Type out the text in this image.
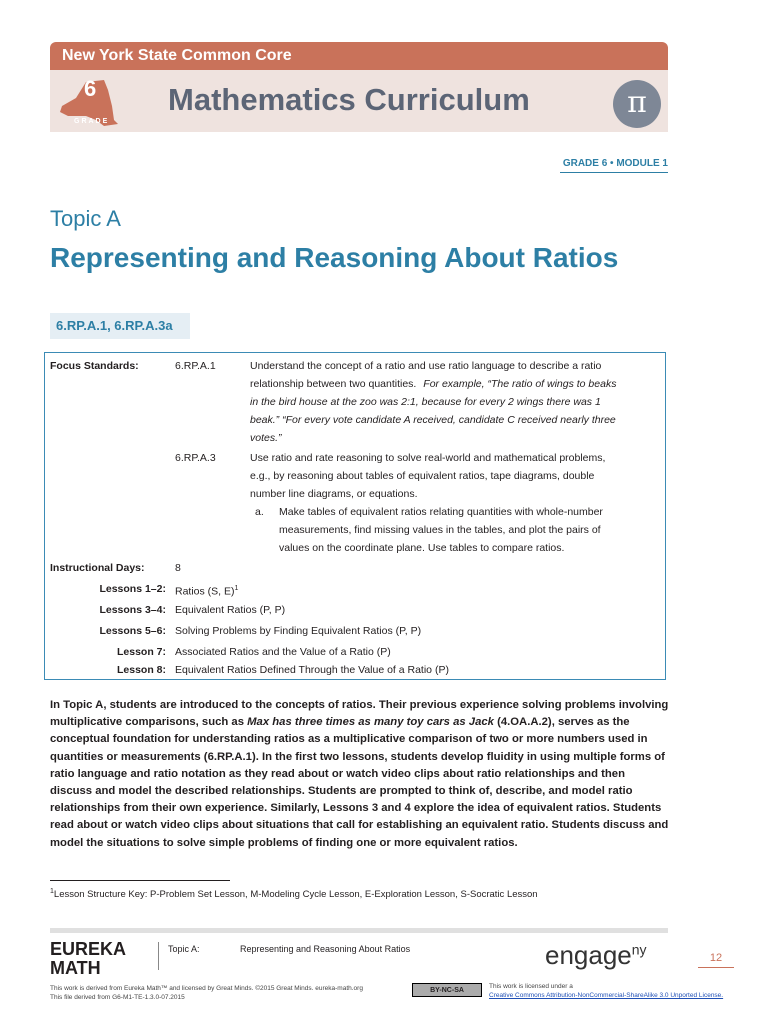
New York State Common Core
6
GRADE
Mathematics Curriculum	π
GRADE 6 • MODULE 1
Topic A
Representing and Reasoning About Ratios
6.RP.A.1, 6.RP.A.3a
Focus Standards:	6.RP.A.1	Understand the concept of a ratio and use ratio language to describe a ratio
relationship between two quantities. For example, “The ratio of wings to beaks
in the bird house at the zoo was 2:1, because for every 2 wings there was 1
beak.” “For every vote candidate A received, candidate C received nearly three
votes.”
6.RP.A.3	Use ratio and rate reasoning to solve real-world and mathematical problems,
e.g., by reasoning about tables of equivalent ratios, tape diagrams, double
number line diagrams, or equations.
a. Make tables of equivalent ratios relating quantities with whole-number
measurements, find missing values in the tables, and plot the pairs of
values on the coordinate plane. Use tables to compare ratios.
Instructional Days:	8
Lessons 1–2: Ratios (S, E)$^1$
Lessons 3–4: Equivalent Ratios (P, P)
Lessons 5–6: Solving Problems by Finding Equivalent Ratios (P, P)
Lesson 7: Associated Ratios and the Value of a Ratio (P)
Lesson 8: Equivalent Ratios Defined Through the Value of a Ratio (P)
In Topic A, students are introduced to the concepts of ratios. Their previous experience solving problems involving multiplicative comparisons, such as Max has three times as many toy cars as Jack (4.OA.A.2), serves as the conceptual foundation for understanding ratios as a multiplicative comparison of two or more numbers used in quantities or measurements (6.RP.A.1). In the first two lessons, students develop fluidity in using multiple forms of ratio language and ratio notation as they read about or watch video clips about ratio relationships and then discuss and model the described relationships. Students are prompted to think of, describe, and model ratio relationships from their own experience. Similarly, Lessons 3 and 4 explore the idea of equivalent ratios. Students read about or watch video clips about situations that call for establishing an equivalent ratio. Students discuss and model the situations to solve simple problems of finding one or more equivalent ratios.
$^1$Lesson Structure Key: P-Problem Set Lesson, M-Modeling Cycle Lesson, E-Exploration Lesson, S-Socratic Lesson
EUREKA
MATH
Topic A:	Representing and Reasoning About Ratios	engage$^{ny}$
12
This work is derived from Eureka Math™ and licensed by Great Minds. ©2015 Great Minds. eureka-math.org
This file derived from G6-M1-TE-1.3.0-07.2015
BY-NC-SA
This work is licensed under a
Creative Commons Attribution-NonCommercial-ShareAlike 3.0 Unported License.
